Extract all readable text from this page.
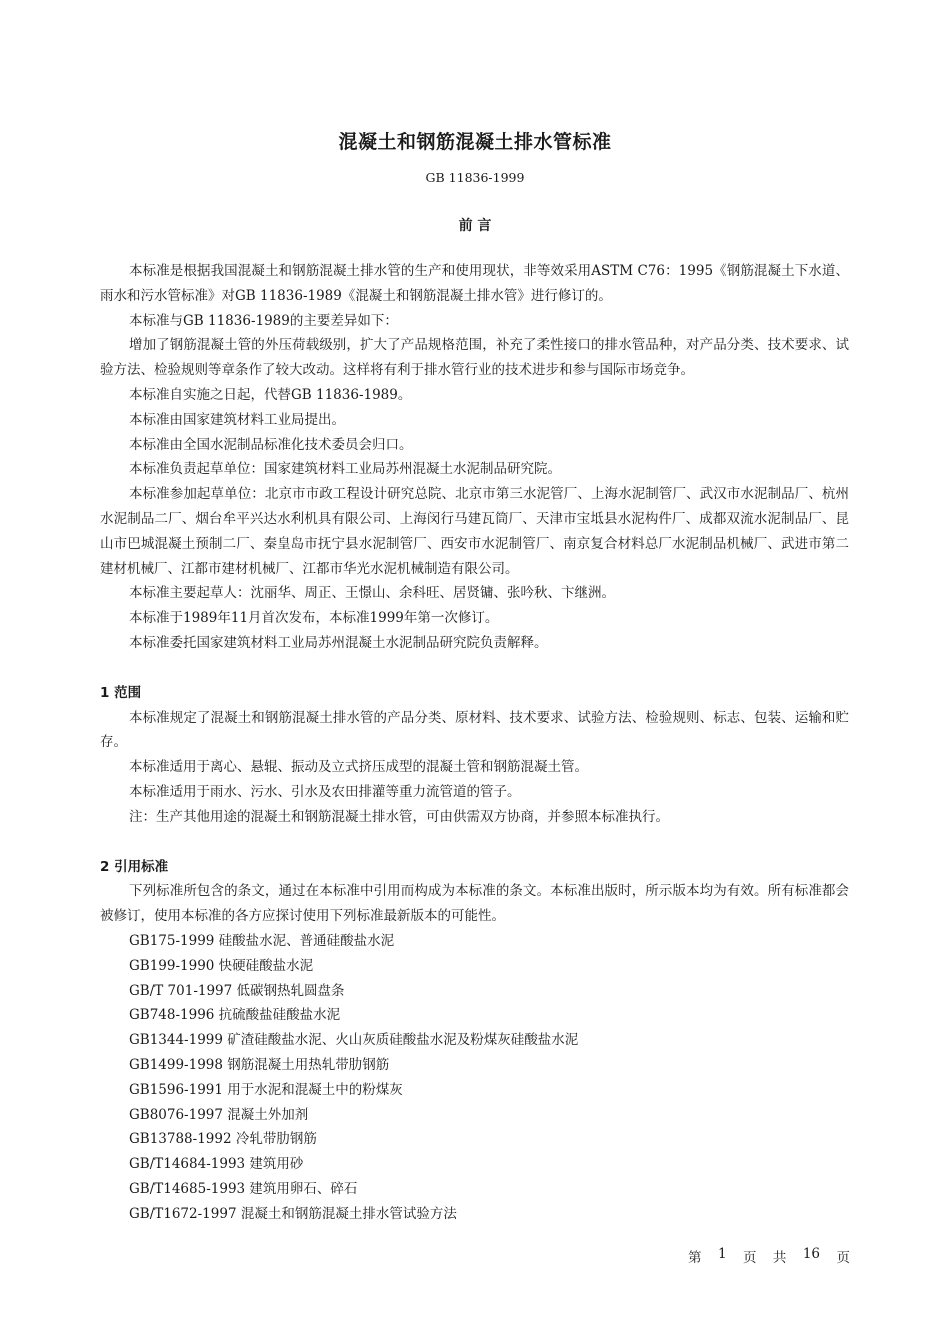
混凝土和钢筋混凝土排水管标准
GB 11836-1999
前 言

本标准是根据我国混凝土和钢筋混凝土排水管的生产和使用现状，非等效采用ASTM C76：1995《钢筋混凝土下水道、雨水和污水管标准》对GB 11836-1989《混凝土和钢筋混凝土排水管》进行修订的。

本标准与GB 11836-1989的主要差异如下：

增加了钢筋混凝土管的外压荷载级别，扩大了产品规格范围，补充了柔性接口的排水管品种，对产品分类、技术要求、试验方法、检验规则等章条作了较大改动。这样将有利于排水管行业的技术进步和参与国际市场竞争。

本标准自实施之日起，代替GB 11836-1989。

本标准由国家建筑材料工业局提出。

本标准由全国水泥制品标准化技术委员会归口。

本标准负责起草单位：国家建筑材料工业局苏州混凝土水泥制品研究院。

本标准参加起草单位：北京市市政工程设计研究总院、北京市第三水泥管厂、上海水泥制管厂、武汉市水泥制品厂、杭州水泥制品二厂、烟台牟平兴达水利机具有限公司、上海闵行马建瓦筒厂、天津市宝坻县水泥构件厂、成都双流水泥制品厂、昆山市巴城混凝土预制二厂、秦皇岛市抚宁县水泥制管厂、西安市水泥制管厂、南京复合材料总厂水泥制品机械厂、武进市第二建材机械厂、江都市建材机械厂、江都市华光水泥机械制造有限公司。

本标准主要起草人：沈丽华、周正、王憬山、余科旺、居贤镛、张吟秋、卞继洲。

本标准于1989年11月首次发布，本标准1999年第一次修订。

本标准委托国家建筑材料工业局苏州混凝土水泥制品研究院负责解释。

1 范围

本标准规定了混凝土和钢筋混凝土排水管的产品分类、原材料、技术要求、试验方法、检验规则、标志、包装、运输和贮存。

本标准适用于离心、悬辊、振动及立式挤压成型的混凝土管和钢筋混凝土管。

本标准适用于雨水、污水、引水及农田排灌等重力流管道的管子。

注：生产其他用途的混凝土和钢筋混凝土排水管，可由供需双方协商，并参照本标准执行。

2 引用标准

下列标准所包含的条文，通过在本标准中引用而构成为本标准的条文。本标准出版时，所示版本均为有效。所有标准都会被修订，使用本标准的各方应探讨使用下列标准最新版本的可能性。

GB175-1999 硅酸盐水泥、普通硅酸盐水泥

GB199-1990 快硬硅酸盐水泥

GB/T 701-1997 低碳钢热轧圆盘条

GB748-1996 抗硫酸盐硅酸盐水泥

GB1344-1999 矿渣硅酸盐水泥、火山灰质硅酸盐水泥及粉煤灰硅酸盐水泥

GB1499-1998 钢筋混凝土用热轧带肋钢筋

GB1596-1991 用于水泥和混凝土中的粉煤灰

GB8076-1997 混凝土外加剂

GB13788-1992 冷轧带肋钢筋

GB/T14684-1993 建筑用砂

GB/T14685-1993 建筑用卵石、碎石

GB/T1672-1997 混凝土和钢筋混凝土排水管试验方法

第 1 页 共 16 页
